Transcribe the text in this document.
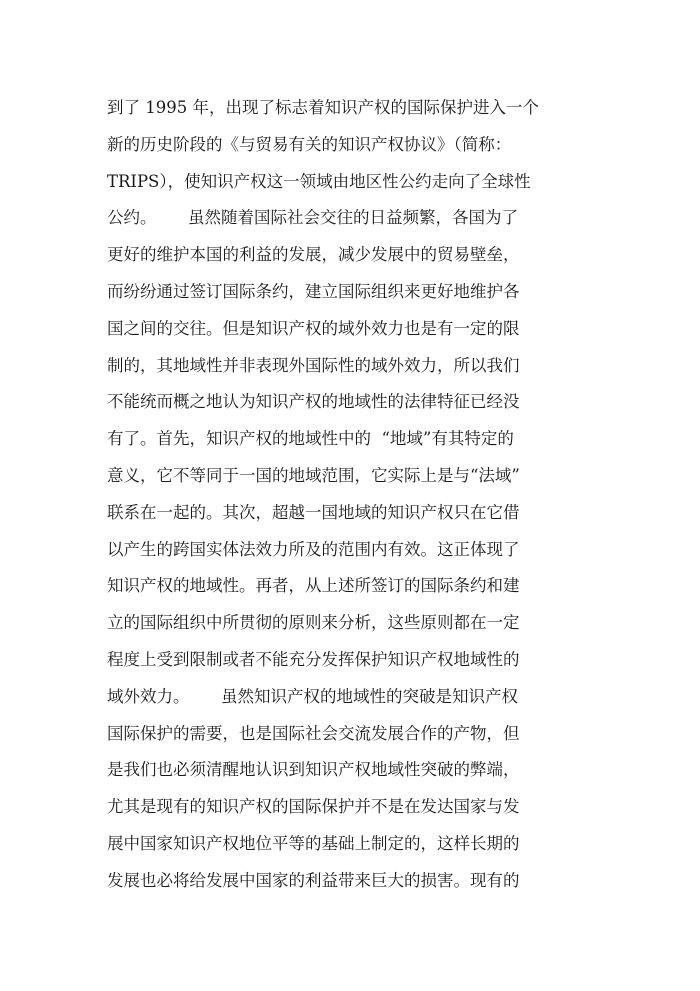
到了 1995 年，出现了标志着知识产权的国际保护进入一个
新的历史阶段的《与贸易有关的知识产权协议》（简称：
TRIPS），使知识产权这一领域由地区性公约走向了全球性
公约。      虽然随着国际社会交往的日益频繁，各国为了
更好的维护本国的利益的发展，减少发展中的贸易壁垒，
而纷纷通过签订国际条约，建立国际组织来更好地维护各
国之间的交往。但是知识产权的域外效力也是有一定的限
制的，其地域性并非表现外国际性的域外效力，所以我们
不能统而概之地认为知识产权的地域性的法律特征已经没
有了。首先，知识产权的地域性中的  “地域”有其特定的
意义，它不等同于一国的地域范围，它实际上是与“法域”
联系在一起的。其次，超越一国地域的知识产权只在它借
以产生的跨国实体法效力所及的范围内有效。这正体现了
知识产权的地域性。再者，从上述所签订的国际条约和建
立的国际组织中所贯彻的原则来分析，这些原则都在一定
程度上受到限制或者不能充分发挥保护知识产权地域性的
域外效力。      虽然知识产权的地域性的突破是知识产权
国际保护的需要，也是国际社会交流发展合作的产物，但
是我们也必须清醒地认识到知识产权地域性突破的弊端，
尤其是现有的知识产权的国际保护并不是在发达国家与发
展中国家知识产权地位平等的基础上制定的，这样长期的
发展也必将给发展中国家的利益带来巨大的损害。现有的
